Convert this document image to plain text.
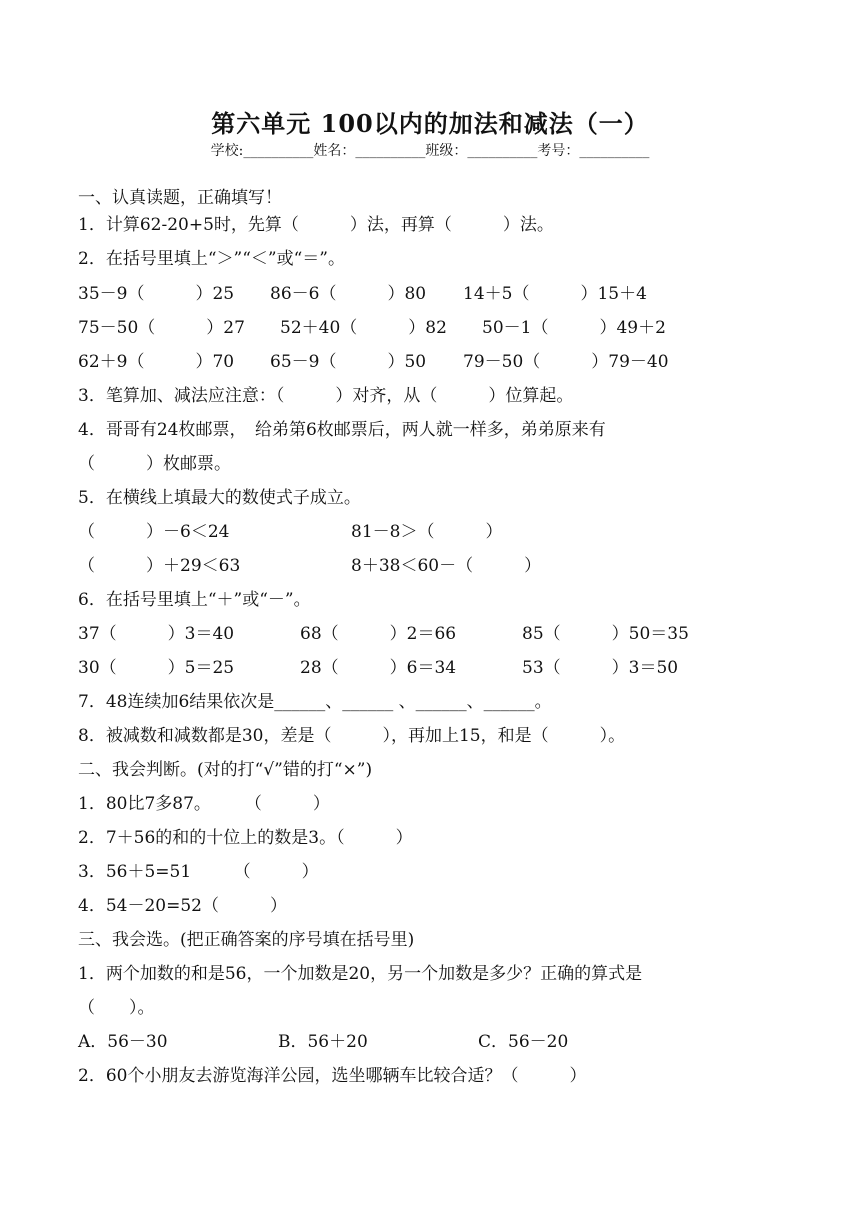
第六单元 100以内的加法和减法（一）
学校:__________姓名：__________班级：__________考号：__________
一、认真读题，正确填写！
1．计算62-20+5时，先算（　　　）法，再算（　　　）法。
2．在括号里填上“＞”“＜”或“＝”。
35－9（　　　）25 86－6（　　　）80 14＋5（　　　）15＋4
75－50（　　　）27 52＋40（　　　）82 50－1（　　　）49＋2
62＋9（　　　）70 65－9（　　　）50 79－50（　　　）79－40
3．笔算加、减法应注意：（　　　）对齐，从（　　　）位算起。
4．哥哥有24枚邮票，　给弟第6枚邮票后，两人就一样多，弟弟原来有
（　　　）枚邮票。
5．在横线上填最大的数使式子成立。
（　　　）－6＜24	81－8＞（　　　）
（　　　）＋29＜63	8＋38＜60－（　　　）
6．在括号里填上“＋”或“－”。
37（　　　）3＝40	68（　　　）2＝66	85（　　　）50＝35
30（　　　）5＝25	28（　　　）6＝34	53（　　　）3＝50
7．48连续加6结果依次是______、______ 、______、______。
8．被减数和减数都是30，差是（　　　），再加上15，和是（　　　）。
二、我会判断。(对的打“√”错的打“×”)
1．80比7多87。　　　（　　　）
2．7＋56的和的十位上的数是3。（　　　）
3．56＋5=51　　　（　　　）
4．54－20=52（　　　）
三、我会选。(把正确答案的序号填在括号里)
1．两个加数的和是56，一个加数是20，另一个加数是多少？正确的算式是
（　　）。
A．56－30	B．56＋20	C．56－20
2．60个小朋友去游览海洋公园，选坐哪辆车比较合适？（　　　）
